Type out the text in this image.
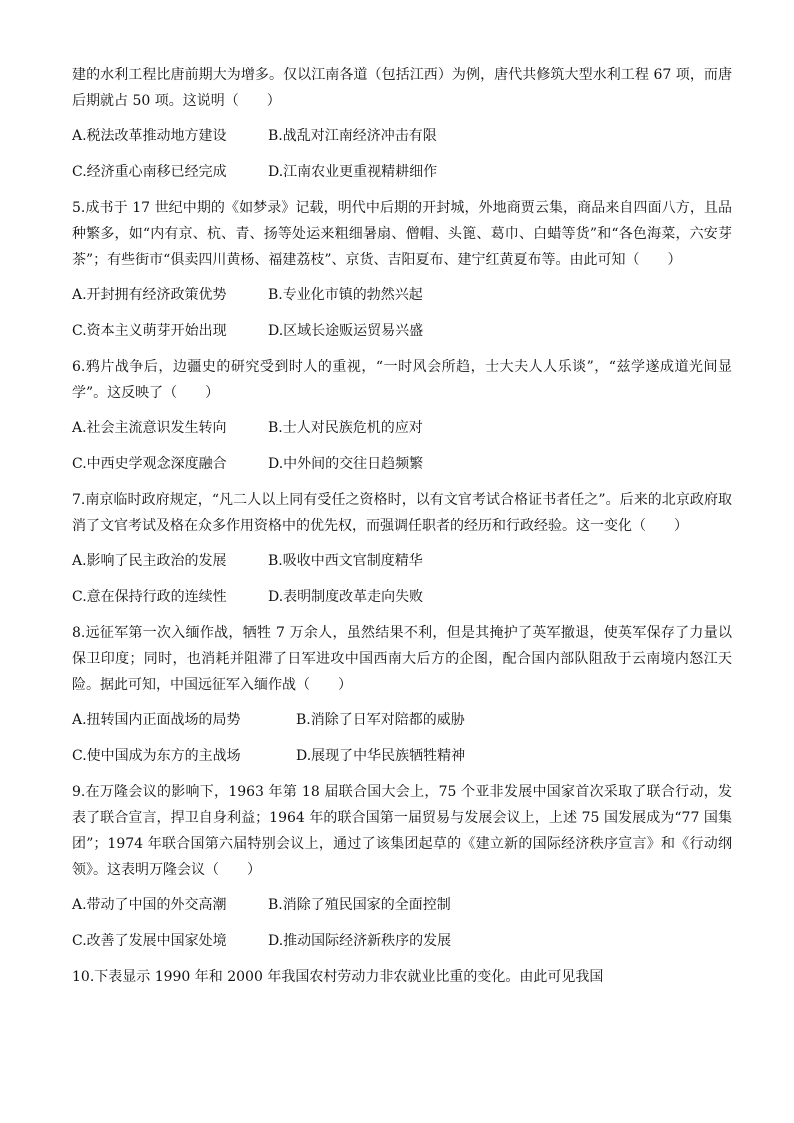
建的水利工程比唐前期大为增多。仅以江南各道（包括江西）为例，唐代共修筑大型水利工程 67 项，而唐后期就占 50 项。这说明（　　）

A.税法改革推动地方建设	B.战乱对江南经济冲击有限
C.经济重心南移已经完成	D.江南农业更重视精耕细作

5.成书于 17 世纪中期的《如梦录》记载，明代中后期的开封城，外地商贾云集，商品来自四面八方，且品种繁多，如“内有京、杭、青、扬等处运来粗细暑扇、僧帽、头篦、葛巾、白蜡等货”和“各色海菜，六安芽茶”；有些街市“俱卖四川黄杨、福建荔枝”、京货、吉阳夏布、建宁红黄夏布等。由此可知（　　）

A.开封拥有经济政策优势	B.专业化市镇的勃然兴起
C.资本主义萌芽开始出现	D.区域长途贩运贸易兴盛

6.鸦片战争后，边疆史的研究受到时人的重视，“一时风会所趋，士大夫人人乐谈”，“兹学遂成道光间显学”。这反映了（　　）

A.社会主流意识发生转向	B.士人对民族危机的应对
C.中西史学观念深度融合	D.中外间的交往日趋频繁

7.南京临时政府规定，“凡二人以上同有受任之资格时，以有文官考试合格证书者任之”。后来的北京政府取消了文官考试及格在众多作用资格中的优先权，而强调任职者的经历和行政经验。这一变化（　　）

A.影响了民主政治的发展	B.吸收中西文官制度精华
C.意在保持行政的连续性	D.表明制度改革走向失败

8.远征军第一次入缅作战，牺牲 7 万余人，虽然结果不利，但是其掩护了英军撤退，使英军保存了力量以保卫印度；同时，也消耗并阻滞了日军进攻中国西南大后方的企图，配合国内部队阻敌于云南境内怒江天险。据此可知，中国远征军入缅作战（　　）

A.扭转国内正面战场的局势	B.消除了日军对陪都的威胁
C.使中国成为东方的主战场	D.展现了中华民族牺牲精神

9.在万隆会议的影响下，1963 年第 18 届联合国大会上，75 个亚非发展中国家首次采取了联合行动，发表了联合宣言，捍卫自身利益；1964 年的联合国第一届贸易与发展会议上，上述 75 国发展成为“77 国集团”；1974 年联合国第六届特别会议上，通过了该集团起草的《建立新的国际经济秩序宣言》和《行动纲领》。这表明万隆会议（　　）

A.带动了中国的外交高潮	B.消除了殖民国家的全面控制
C.改善了发展中国家处境	D.推动国际经济新秩序的发展

10.下表显示 1990 年和 2000 年我国农村劳动力非农就业比重的变化。由此可见我国
